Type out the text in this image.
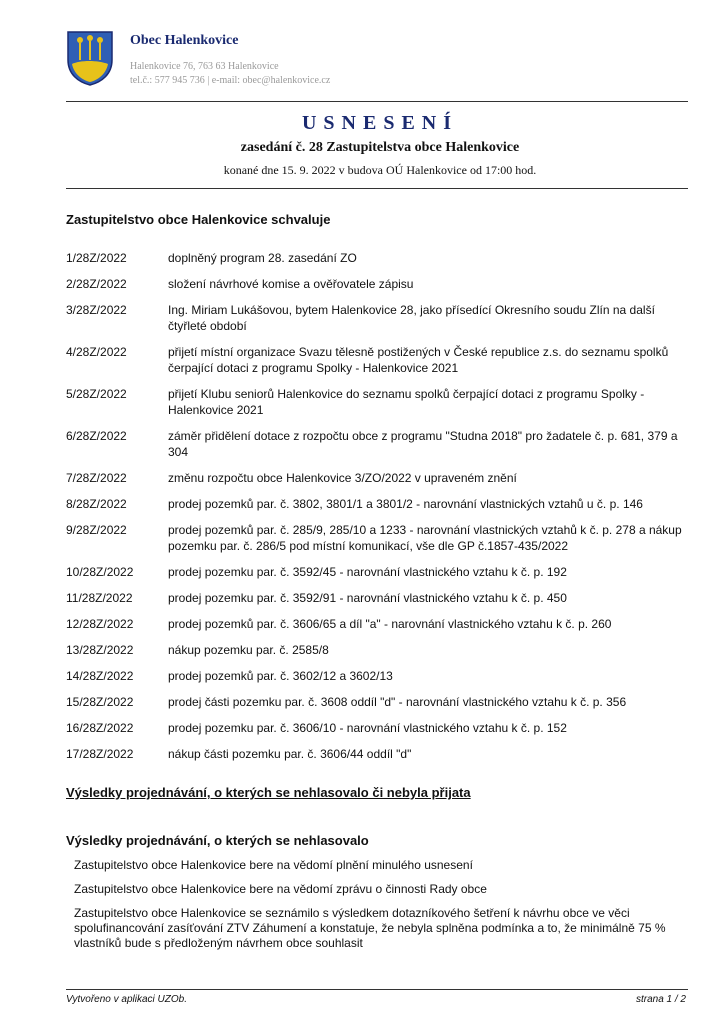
Obec Halenkovice
Halenkovice 76, 763 63 Halenkovice
tel.č.: 577 945 736 | e-mail: obec@halenkovice.cz
USNESENÍ
zasedání č. 28 Zastupitelstva obce Halenkovice
konané dne 15. 9. 2022 v budova OÚ Halenkovice od 17:00 hod.
Zastupitelstvo obce Halenkovice schvaluje
1/28Z/2022	doplněný program 28. zasedání ZO
2/28Z/2022	složení návrhové komise a ověřovatele zápisu
3/28Z/2022	Ing. Miriam Lukášovou, bytem Halenkovice 28, jako přísedící Okresního soudu Zlín na další čtyřleté období
4/28Z/2022	přijetí místní organizace Svazu tělesně postižených v České republice z.s. do seznamu spolků čerpající dotaci z programu Spolky - Halenkovice 2021
5/28Z/2022	přijetí Klubu seniorů Halenkovice do seznamu spolků čerpající dotaci z programu Spolky - Halenkovice 2021
6/28Z/2022	záměr přidělení dotace z rozpočtu obce z programu "Studna 2018" pro žadatele č. p. 681, 379 a 304
7/28Z/2022	změnu rozpočtu obce Halenkovice 3/ZO/2022 v upraveném znění
8/28Z/2022	prodej pozemků par. č. 3802, 3801/1 a 3801/2 - narovnání vlastnických vztahů u č. p. 146
9/28Z/2022	prodej pozemků par. č. 285/9, 285/10 a 1233 - narovnání vlastnických vztahů k č. p. 278 a nákup pozemku par. č. 286/5 pod místní komunikací, vše dle GP č.1857-435/2022
10/28Z/2022	prodej pozemku par. č. 3592/45 - narovnání vlastnického vztahu k č. p. 192
11/28Z/2022	prodej pozemku par. č. 3592/91 - narovnání vlastnického vztahu k č. p. 450
12/28Z/2022	prodej pozemků par. č. 3606/65 a díl "a" - narovnání vlastnického vztahu k č. p. 260
13/28Z/2022	nákup pozemku par. č. 2585/8
14/28Z/2022	prodej pozemků par. č. 3602/12 a 3602/13
15/28Z/2022	prodej části pozemku par. č. 3608 oddíl "d" - narovnání vlastnického vztahu k č. p. 356
16/28Z/2022	prodej pozemku par. č. 3606/10 - narovnání vlastnického vztahu k č. p. 152
17/28Z/2022	nákup části pozemku par. č. 3606/44 oddíl "d"
Výsledky projednávání, o kterých se nehlasovalo či nebyla přijata
Výsledky projednávání, o kterých se nehlasovalo
Zastupitelstvo obce Halenkovice bere na vědomí plnění minulého usnesení
Zastupitelstvo obce Halenkovice bere na vědomí zprávu o činnosti Rady obce
Zastupitelstvo obce Halenkovice se seznámilo s výsledkem dotazníkového šetření k návrhu obce ve věci spolufinancování zasíťování ZTV Záhumení a konstatuje, že nebyla splněna podmínka a to, že minimálně 75 % vlastníků bude s předloženým návrhem obce souhlasit
Vytvořeno v aplikaci UZOb.	strana 1 / 2
